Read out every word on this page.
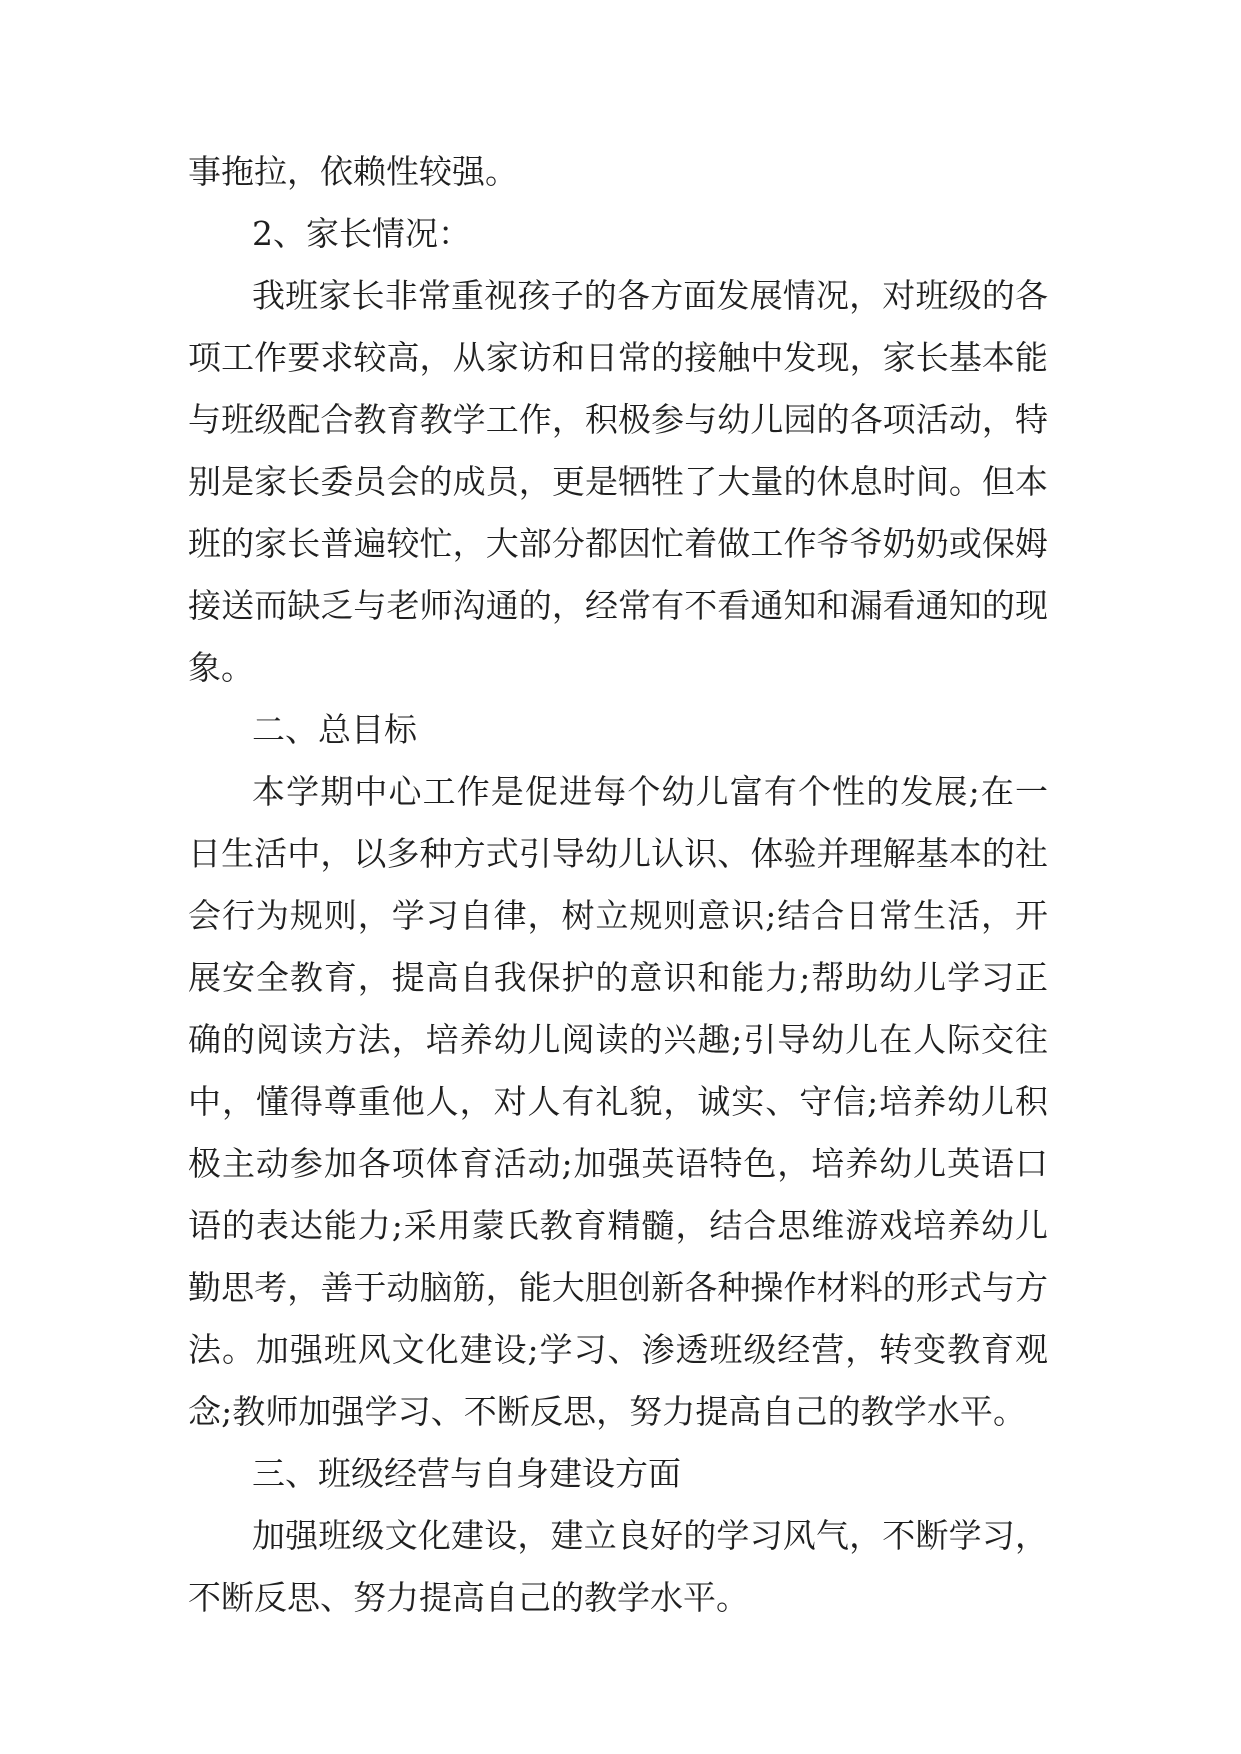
事拖拉，依赖性较强。
2、家长情况：
我班家长非常重视孩子的各方面发展情况，对班级的各
项工作要求较高，从家访和日常的接触中发现，家长基本能
与班级配合教育教学工作，积极参与幼儿园的各项活动，特
别是家长委员会的成员，更是牺牲了大量的休息时间。但本
班的家长普遍较忙，大部分都因忙着做工作爷爷奶奶或保姆
接送而缺乏与老师沟通的，经常有不看通知和漏看通知的现
象。
二、总目标
本学期中心工作是促进每个幼儿富有个性的发展;在一
日生活中，以多种方式引导幼儿认识、体验并理解基本的社
会行为规则，学习自律，树立规则意识;结合日常生活，开
展安全教育，提高自我保护的意识和能力;帮助幼儿学习正
确的阅读方法，培养幼儿阅读的兴趣;引导幼儿在人际交往
中，懂得尊重他人，对人有礼貌，诚实、守信;培养幼儿积
极主动参加各项体育活动;加强英语特色，培养幼儿英语口
语的表达能力;采用蒙氏教育精髓，结合思维游戏培养幼儿
勤思考，善于动脑筋，能大胆创新各种操作材料的形式与方
法。加强班风文化建设;学习、渗透班级经营，转变教育观
念;教师加强学习、不断反思，努力提高自己的教学水平。
三、班级经营与自身建设方面
加强班级文化建设，建立良好的学习风气，不断学习，
不断反思、努力提高自己的教学水平。
